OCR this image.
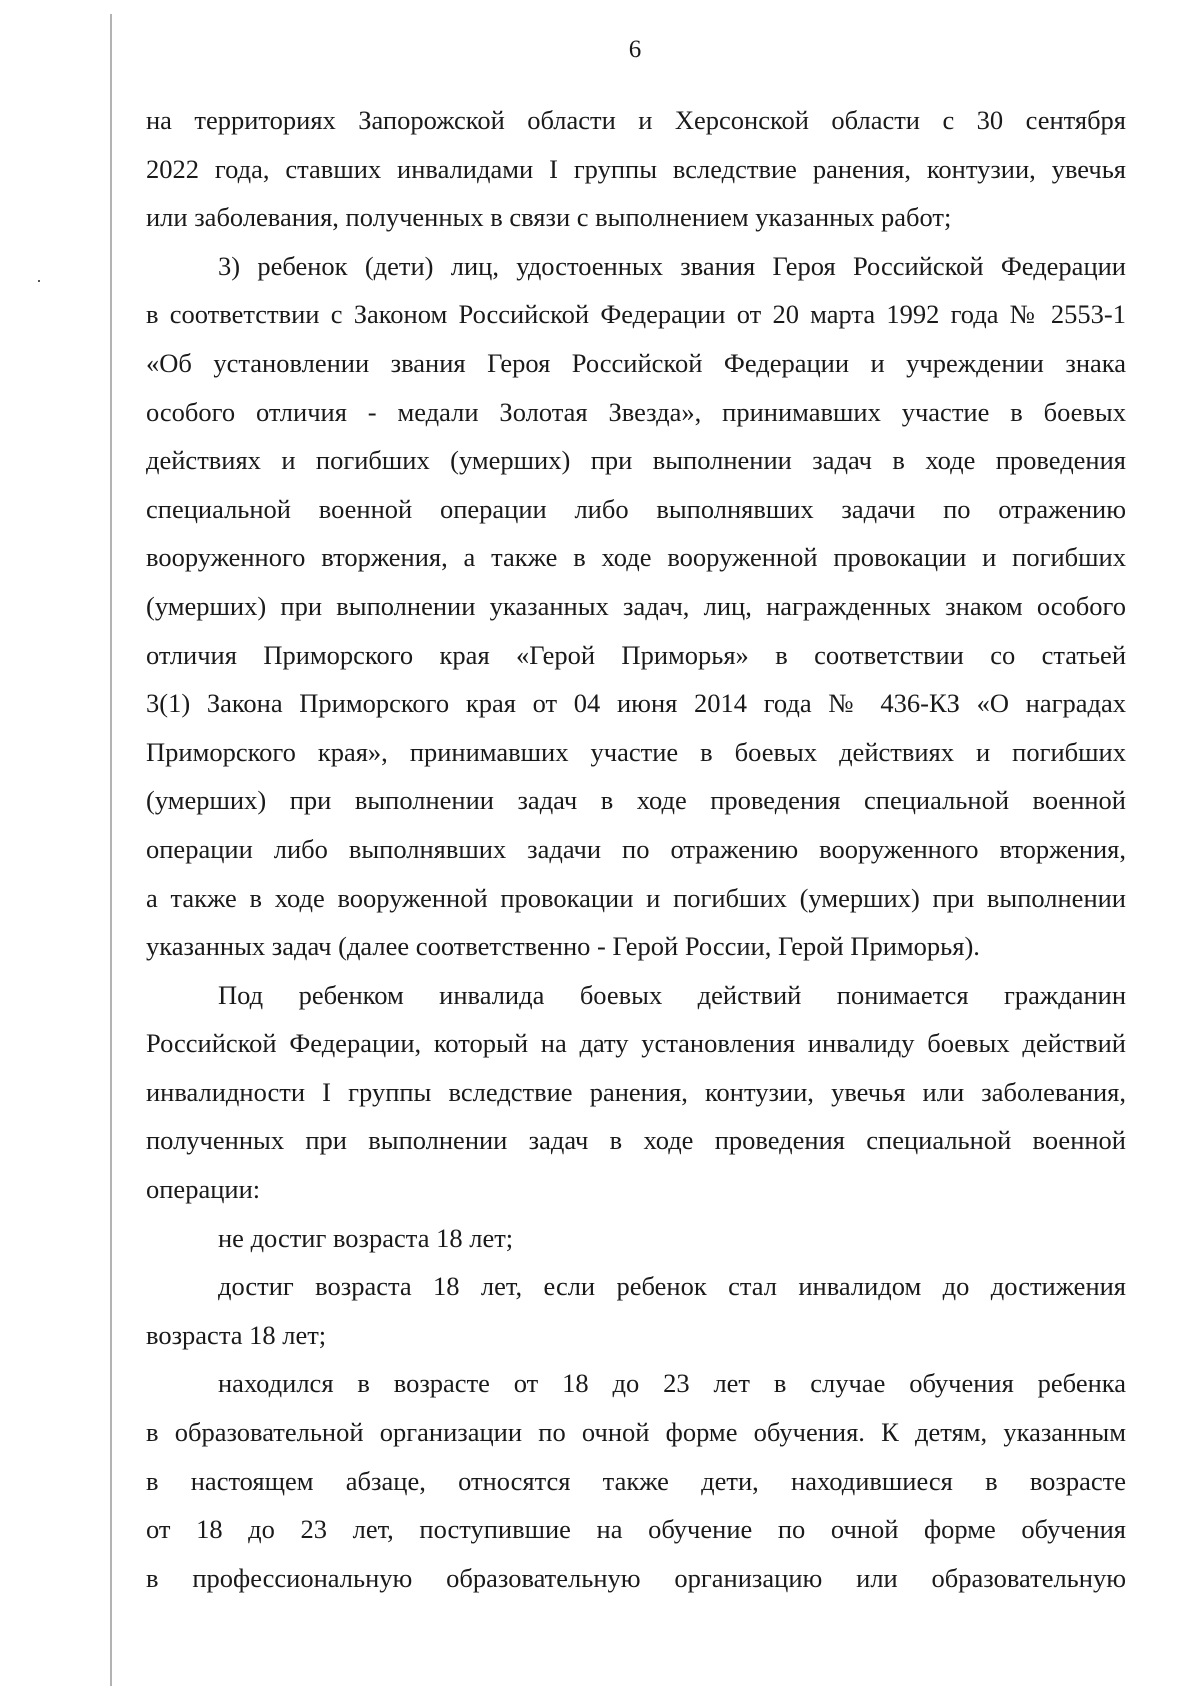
6
на территориях Запорожской области и Херсонской области с 30 сентября
2022 года, ставших инвалидами I группы вследствие ранения, контузии, увечья
или заболевания, полученных в связи с выполнением указанных работ;
3) ребенок (дети) лиц, удостоенных звания Героя Российской Федерации
в соответствии с Законом Российской Федерации от 20 марта 1992 года № 2553-1
«Об установлении звания Героя Российской Федерации и учреждении знака
особого отличия - медали Золотая Звезда», принимавших участие в боевых
действиях и погибших (умерших) при выполнении задач в ходе проведения
специальной военной операции либо выполнявших задачи по отражению
вооруженного вторжения, а также в ходе вооруженной провокации и погибших
(умерших) при выполнении указанных задач, лиц, награжденных знаком особого
отличия Приморского края «Герой Приморья» в соответствии со статьей
3(1) Закона Приморского края от 04 июня 2014 года № 436-КЗ «О наградах
Приморского края», принимавших участие в боевых действиях и погибших
(умерших) при выполнении задач в ходе проведения специальной военной
операции либо выполнявших задачи по отражению вооруженного вторжения,
а также в ходе вооруженной провокации и погибших (умерших) при выполнении
указанных задач (далее соответственно - Герой России, Герой Приморья).
Под ребенком инвалида боевых действий понимается гражданин
Российской Федерации, который на дату установления инвалиду боевых действий
инвалидности I группы вследствие ранения, контузии, увечья или заболевания,
полученных при выполнении задач в ходе проведения специальной военной
операции:
не достиг возраста 18 лет;
достиг возраста 18 лет, если ребенок стал инвалидом до достижения
возраста 18 лет;
находился в возрасте от 18 до 23 лет в случае обучения ребенка
в образовательной организации по очной форме обучения. К детям, указанным
в настоящем абзаце, относятся также дети, находившиеся в возрасте
от 18 до 23 лет, поступившие на обучение по очной форме обучения
в профессиональную образовательную организацию или образовательную
